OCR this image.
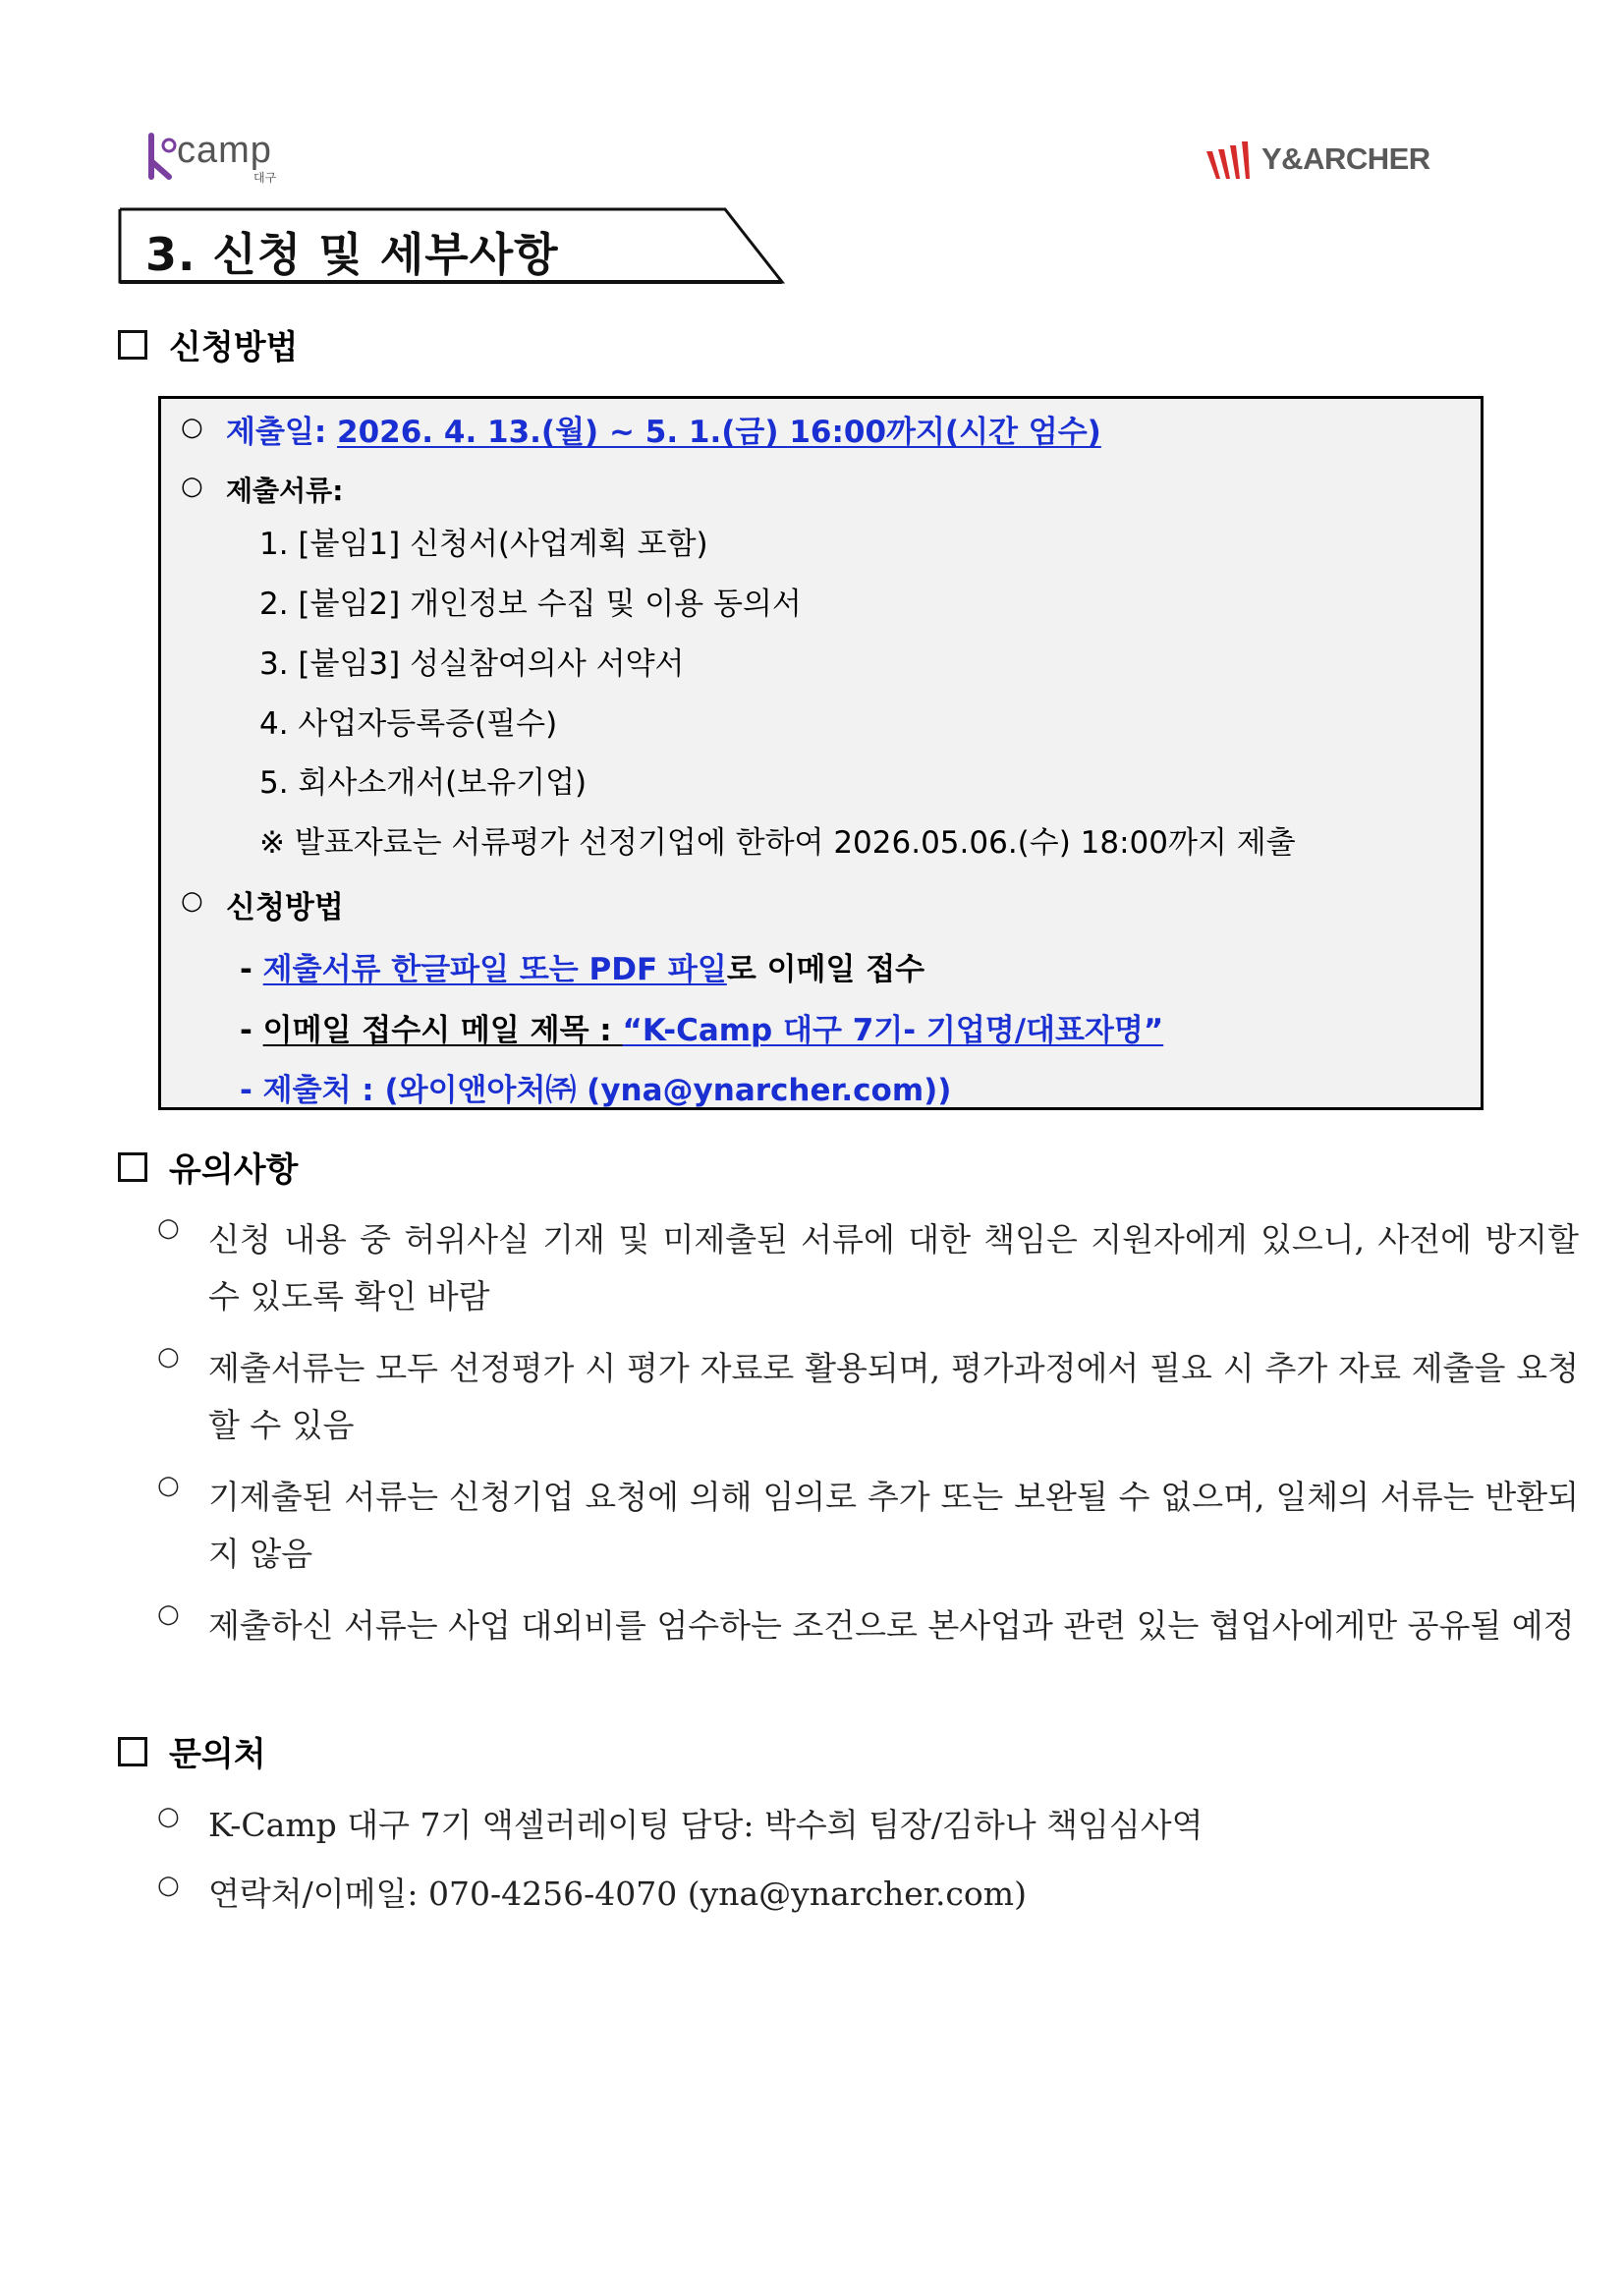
camp
대구
Y&ARCHER
3. 신청 및 세부사항
신청방법
○ 제출일: 2026. 4. 13.(월) ~ 5. 1.(금) 16:00까지(시간 엄수)
○ 제출서류:
1. [붙임1] 신청서(사업계획 포함)
2. [붙임2] 개인정보 수집 및 이용 동의서
3. [붙임3] 성실참여의사 서약서
4. 사업자등록증(필수)
5. 회사소개서(보유기업)
※ 발표자료는 서류평가 선정기업에 한하여 2026.05.06.(수) 18:00까지 제출
○ 신청방법
- 제출서류 한글파일 또는 PDF 파일로 이메일 접수
- 이메일 접수시 메일 제목 : “K-Camp 대구 7기- 기업명/대표자명”
- 제출처 : (와이앤아처㈜ (yna@ynarcher.com))
유의사항
○ 신청 내용 중 허위사실 기재 및 미제출된 서류에 대한 책임은 지원자에게 있으니, 사전에 방지할 수 있도록 확인 바람
○ 제출서류는 모두 선정평가 시 평가 자료로 활용되며, 평가과정에서 필요 시 추가 자료 제출을 요청할 수 있음
○ 기제출된 서류는 신청기업 요청에 의해 임의로 추가 또는 보완될 수 없으며, 일체의 서류는 반환되지 않음
○ 제출하신 서류는 사업 대외비를 엄수하는 조건으로 본사업과 관련 있는 협업사에게만 공유될 예정
문의처
○ K-Camp 대구 7기 액셀러레이팅 담당: 박수희 팀장/김하나 책임심사역
○ 연락처/이메일: 070-4256-4070 (yna@ynarcher.com)
